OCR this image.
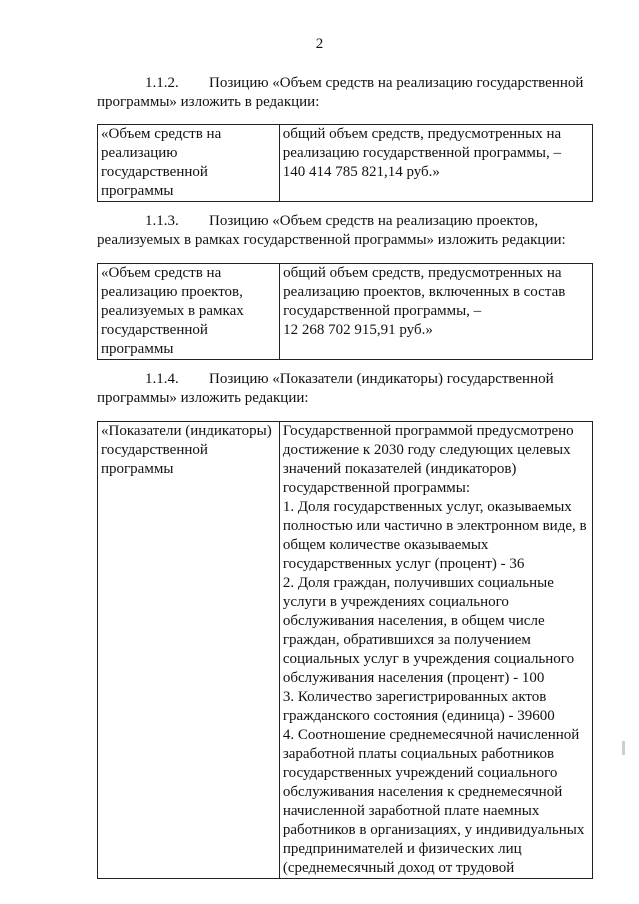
2
1.1.2. Позицию «Объем средств на реализацию государственной
программы» изложить в редакции:
«Объем средств на
реализацию
государственной
программы

общий объем средств, предусмотренных на
реализацию государственной программы, –
140 414 785 821,14 руб.»
1.1.3. Позицию «Объем средств на реализацию проектов,
реализуемых в рамках государственной программы» изложить редакции:
«Объем средств на
реализацию проектов,
реализуемых в рамках
государственной
программы

общий объем средств, предусмотренных на
реализацию проектов, включенных в состав
государственной программы, –
12 268 702 915,91 руб.»
1.1.4. Позицию «Показатели (индикаторы) государственной
программы» изложить редакции:
«Показатели (индикаторы)
государственной
программы

Государственной программой предусмотрено
достижение к 2030 году следующих целевых
значений показателей (индикаторов)
государственной программы:
1. Доля государственных услуг, оказываемых
полностью или частично в электронном виде, в
общем количестве оказываемых
государственных услуг (процент) - 36
2. Доля граждан, получивших социальные
услуги в учреждениях социального
обслуживания населения, в общем числе
граждан, обратившихся за получением
социальных услуг в учреждения социального
обслуживания населения (процент) - 100
3. Количество зарегистрированных актов
гражданского состояния (единица) - 39600
4. Соотношение среднемесячной начисленной
заработной платы социальных работников
государственных учреждений социального
обслуживания населения к среднемесячной
начисленной заработной плате наемных
работников в организациях, у индивидуальных
предпринимателей и физических лиц
(среднемесячный доход от трудовой
